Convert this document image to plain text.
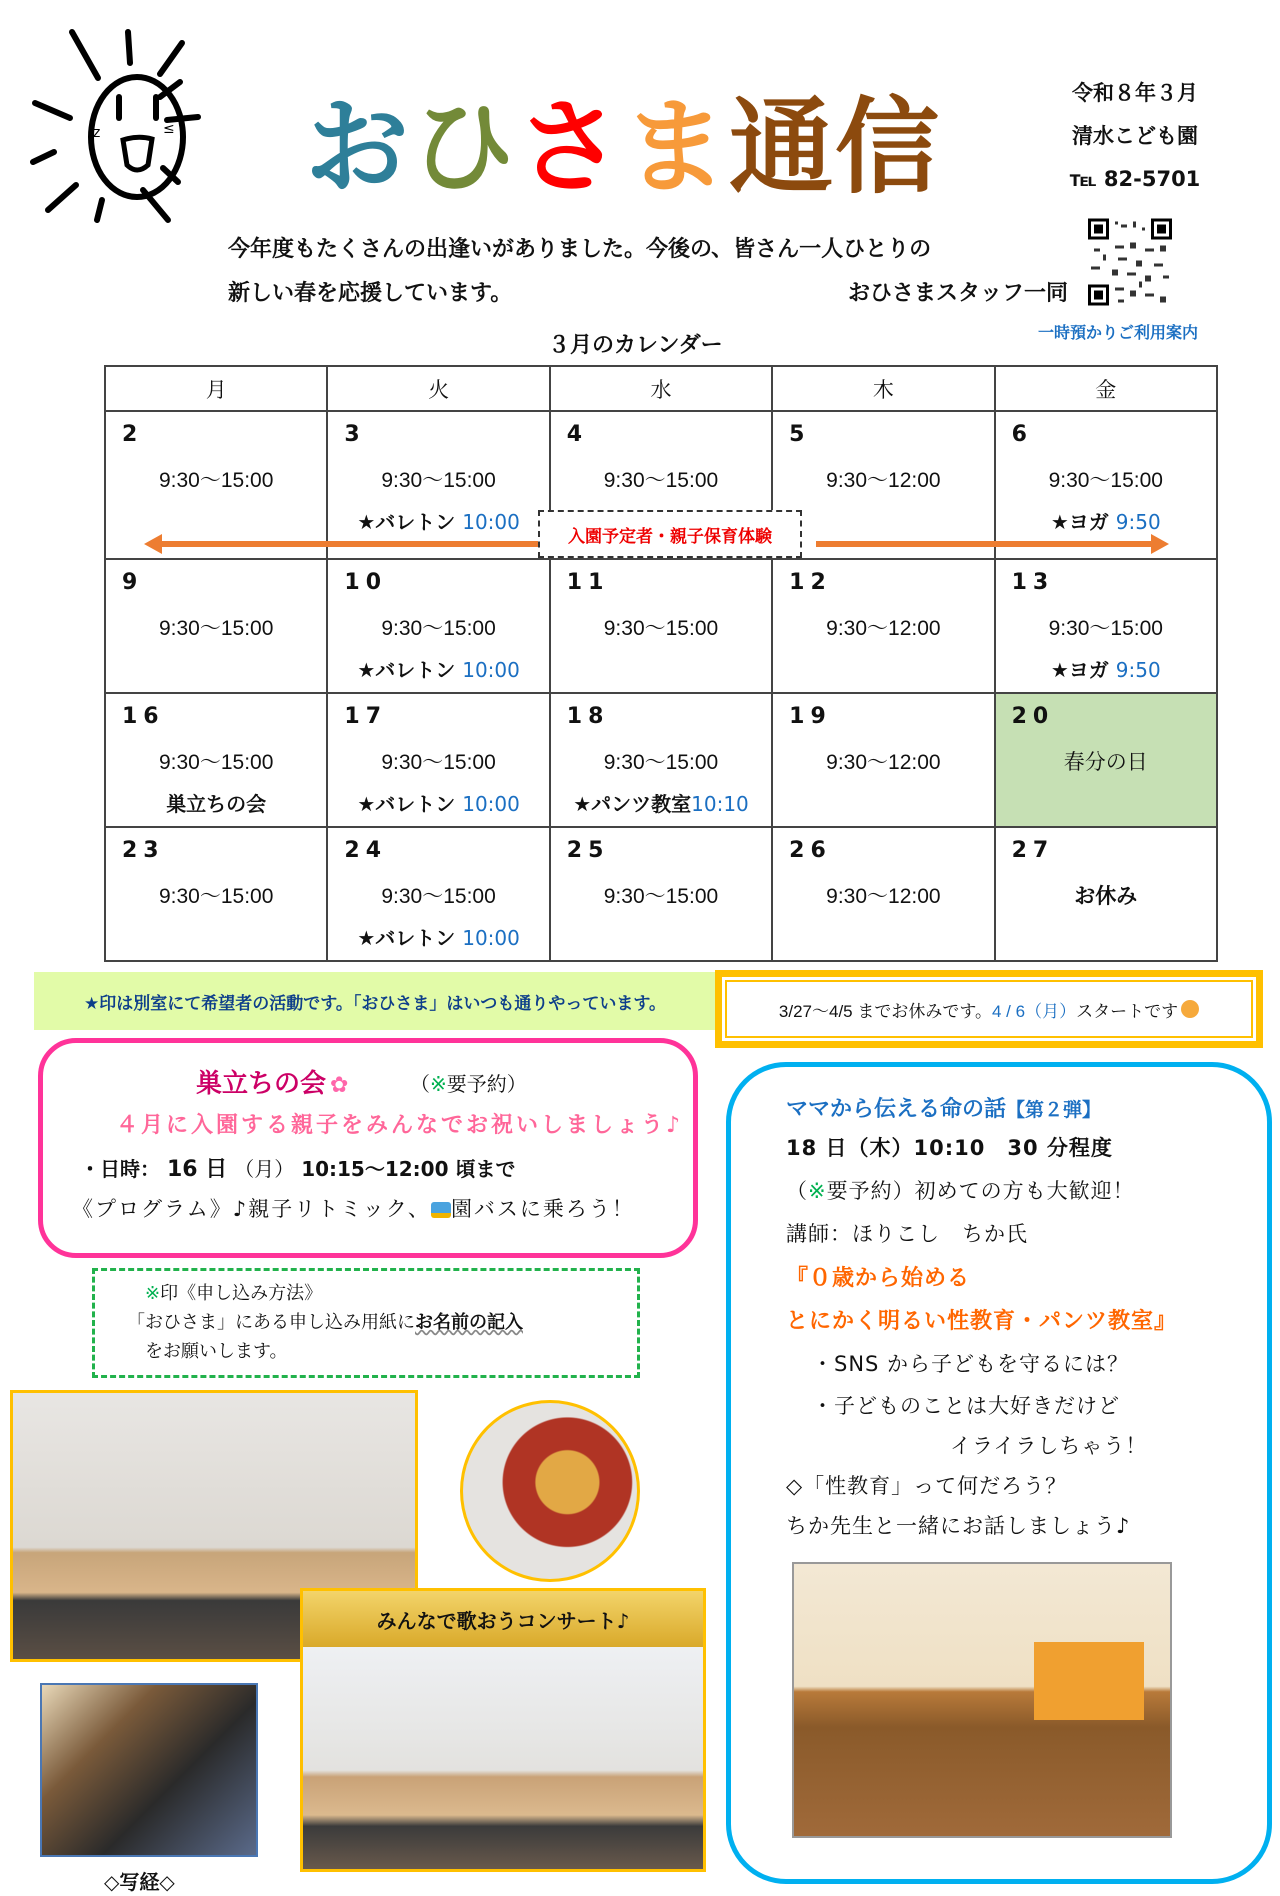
z	≤ おひさま通信	令和８年３月
清水こども園
℡ 82-5701
今年度もたくさんの出逢いがありました。今後の、皆さん一人ひとりの
新しい春を応援しています。	おひさまスタッフ一同
一時預かりご利用案内
３月のカレンダー
月	火	水	木	金

2
9:30～15:00	3
9:30～15:00
★バレトン 10:00	4
9:30～15:00	5
9:30～12:00	6
9:30～15:00
★ヨガ 9:50

9
9:30～15:00	10
9:30～15:00
★バレトン 10:00	11
9:30～15:00	12
9:30～12:00	13
9:30～15:00
★ヨガ 9:50

16
9:30～15:00
巣立ちの会	17
9:30～15:00
★バレトン 10:00	18
9:30～15:00
★パンツ教室10:10	19
9:30～12:00	20
春分の日

23
9:30～15:00	24
9:30～15:00
★バレトン 10:00	25
9:30～15:00	26
9:30～12:00	27
お休み
入園予定者・親子保育体験
★印は別室にて希望者の活動です。「おひさま」はいつも通りやっています。	3/27～4/5 までお休みです。 4 / 6（月） スタートです
巣立ちの会 ✿	（※要予約）
４月に入園する親子をみんなでお祝いしましょう♪
・日時： 16 日 （月） 10:15～12:00 頃まで
《プログラム》♪親子リトミック、 園バスに乗ろう！
※印《申し込み方法》
「おひさま」にある申し込み用紙にお名前の記入
をお願いします。
みんなで歌おうコンサート♪
◇写経◇
ママから伝える命の話【第２弾】
18 日（木）10:10　30 分程度
（※要予約）初めての方も大歓迎！
講師：ほりこし　ちか氏
『０歳から始める
とにかく明るい性教育・パンツ教室』
・SNS から子どもを守るには？
・子どものことは大好きだけど
イライラしちゃう！
◇「性教育」って何だろう？
ちか先生と一緒にお話しましょう♪
